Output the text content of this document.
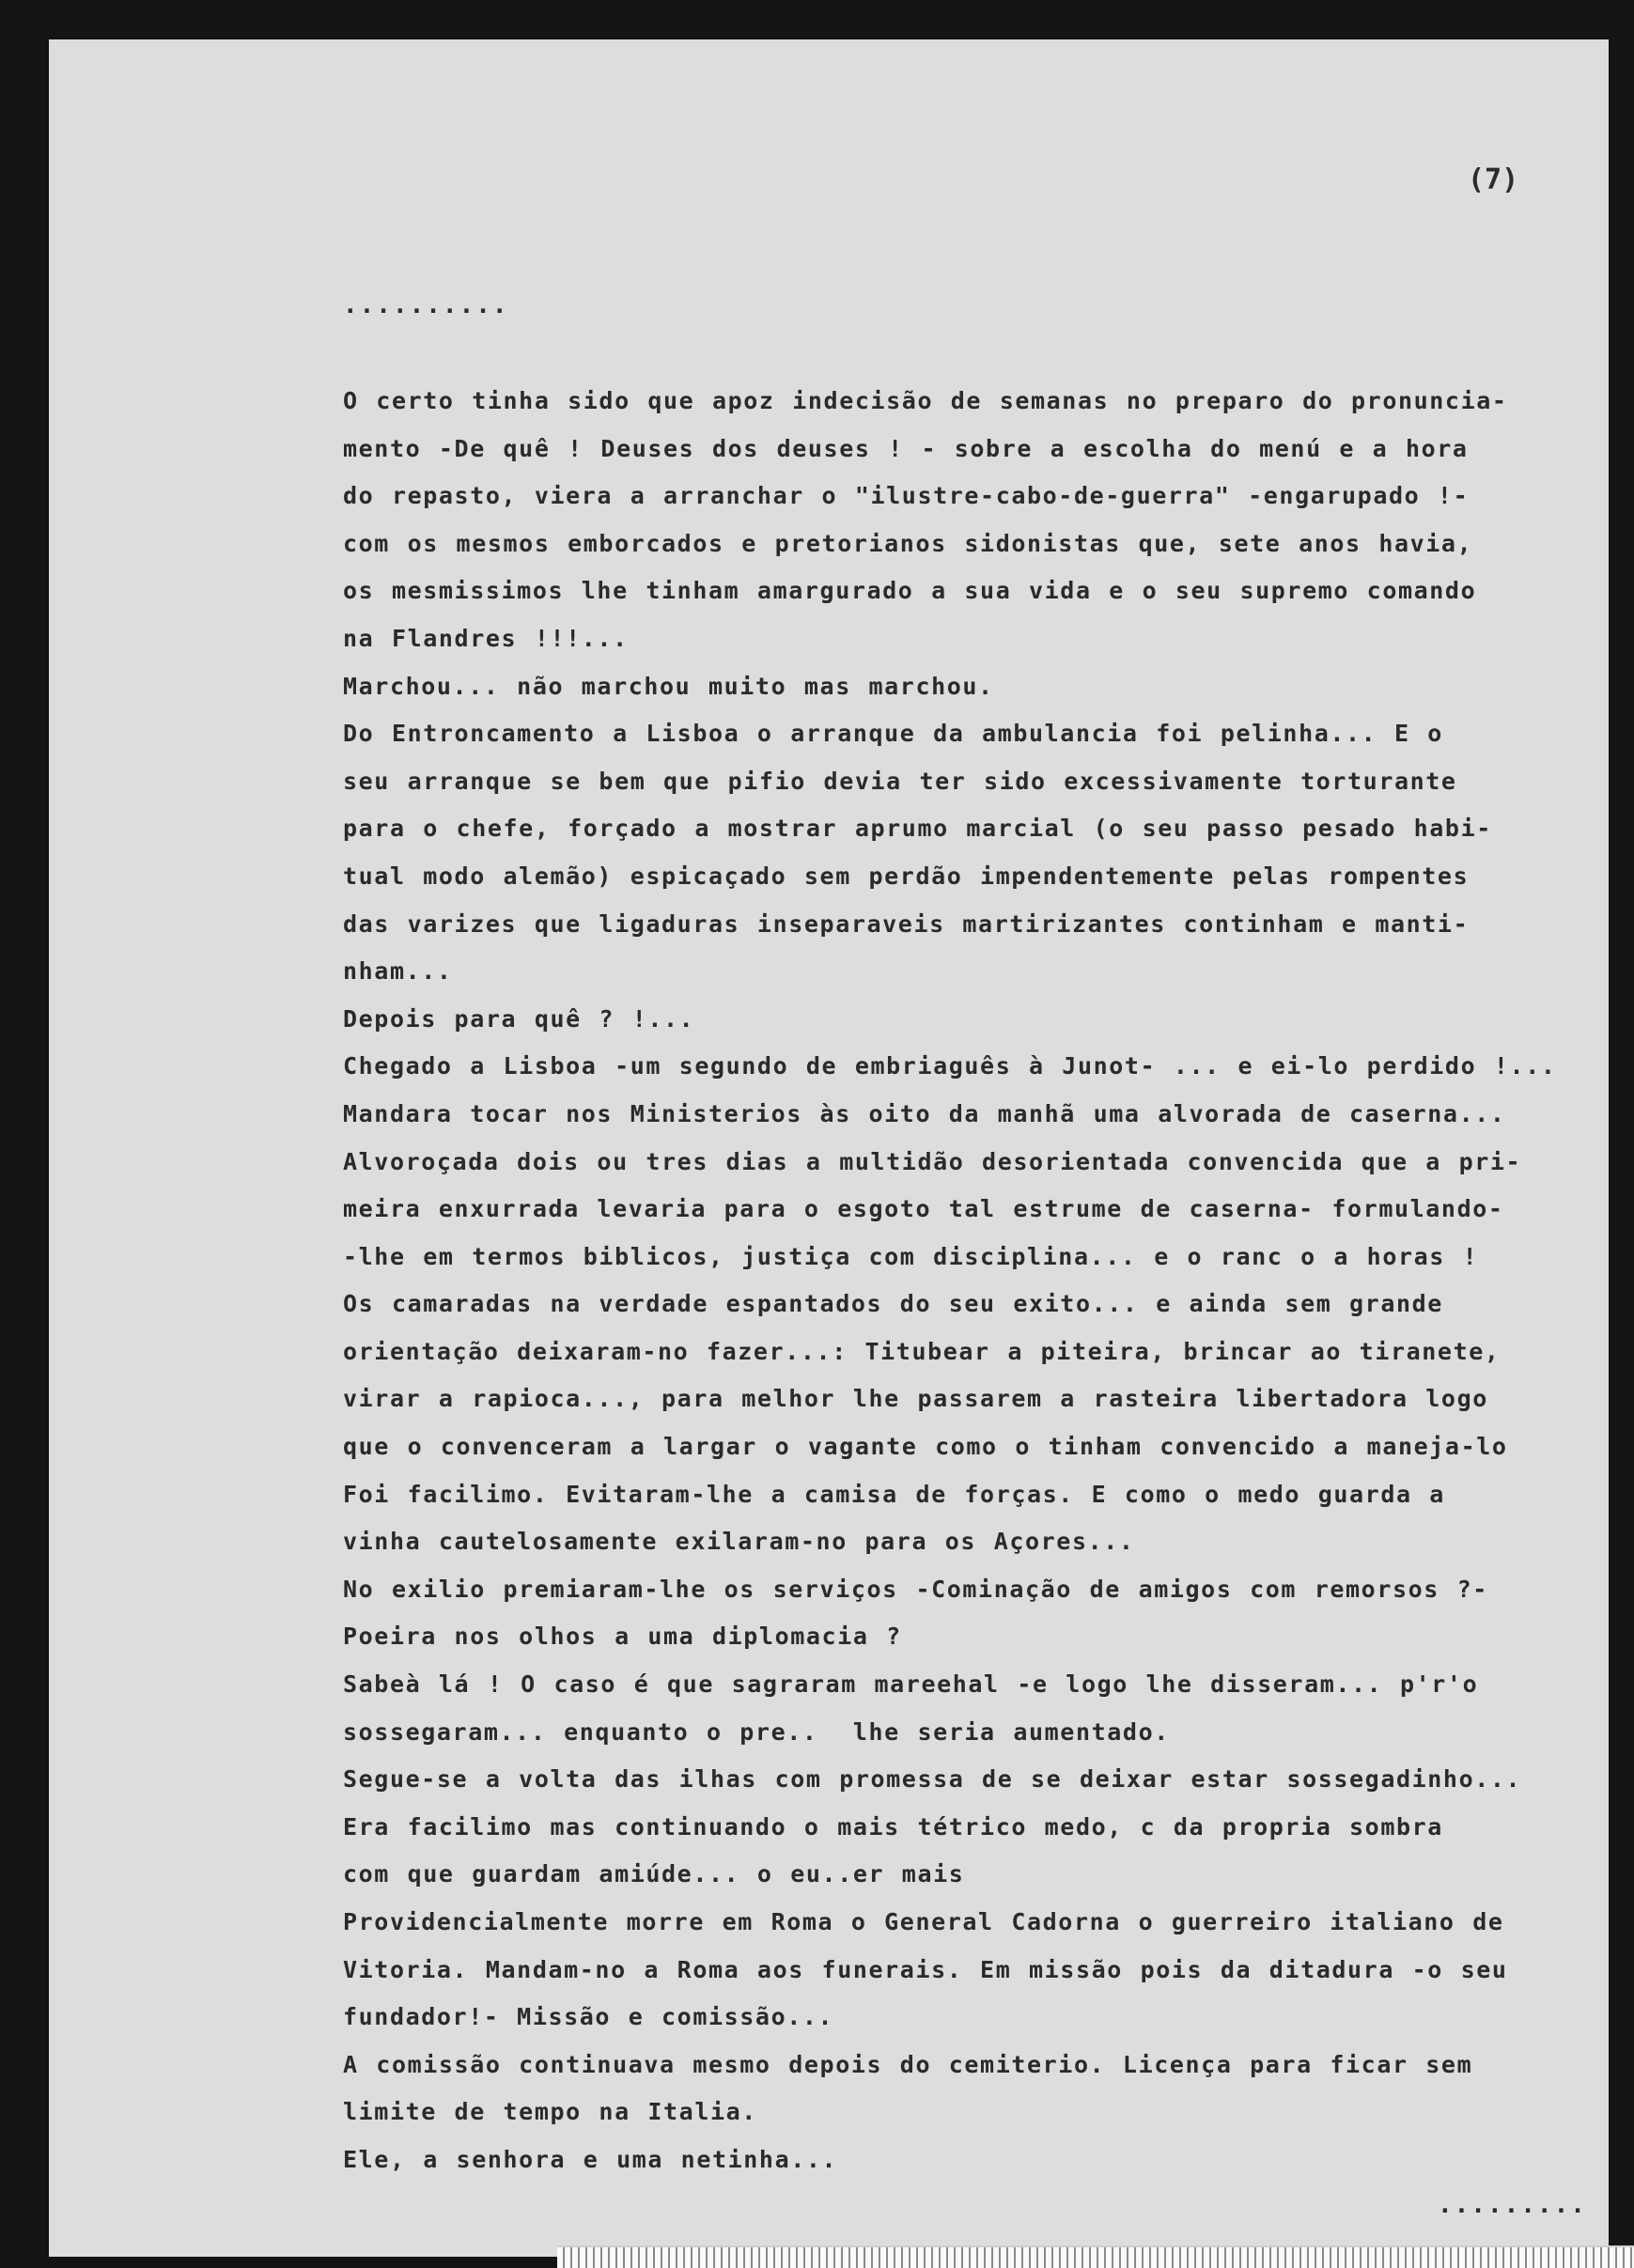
(7)
..........
O certo tinha sido que apoz indecisão de semanas no preparo do pronuncia-
mento -De quê ! Deuses dos deuses ! - sobre a escolha do menú e a hora
do repasto, viera a arranchar o "ilustre-cabo-de-guerra" -engarupado !-
com os mesmos emborcados e pretorianos sidonistas que, sete anos havia,
os mesmissimos lhe tinham amargurado a sua vida e o seu supremo comando
na Flandres !!!...
Marchou... não marchou muito mas marchou.
Do Entroncamento a Lisboa o arranque da ambulancia foi pelinha... E o
seu arranque se bem que pifio devia ter sido excessivamente torturante
para o chefe, forçado a mostrar aprumo marcial (o seu passo pesado habi-
tual modo alemão) espicaçado sem perdão impendentemente pelas rompentes
das varizes que ligaduras inseparaveis martirizantes continham e manti-
nham...
Depois para quê ? !...
Chegado a Lisboa -um segundo de embriaguês à Junot- ... e ei-lo perdido !...
Mandara tocar nos Ministerios às oito da manhã uma alvorada de caserna...
Alvoroçada dois ou tres dias a multidão desorientada convencida que a pri-
meira enxurrada levaria para o esgoto tal estrume de caserna- formulando-
-lhe em termos biblicos, justiça com disciplina... e o ranc o a horas !
Os camaradas na verdade espantados do seu exito... e ainda sem grande
orientação deixaram-no fazer...: Titubear a piteira, brincar ao tiranete,
virar a rapioca..., para melhor lhe passarem a rasteira libertadora logo
que o convenceram a largar o vagante como o tinham convencido a maneja-lo
Foi facilimo. Evitaram-lhe a camisa de forças. E como o medo guarda a
vinha cautelosamente exilaram-no para os Açores...
No exilio premiaram-lhe os serviços -Cominação de amigos com remorsos ?-
Poeira nos olhos a uma diplomacia ?
Sabeà lá ! O caso é que sagraram mareehal -e logo lhe disseram... p'r'o
sossegaram... enquanto o pre..  lhe seria aumentado.
Segue-se a volta das ilhas com promessa de se deixar estar sossegadinho...
Era facilimo mas continuando o mais tétrico medo, c da propria sombra
com que guardam amiúde... o eu..er mais
Providencialmente morre em Roma o General Cadorna o guerreiro italiano de
Vitoria. Mandam-no a Roma aos funerais. Em missão pois da ditadura -o seu
fundador!- Missão e comissão...
A comissão continuava mesmo depois do cemiterio. Licença para ficar sem
limite de tempo na Italia.
Ele, a senhora e uma netinha...
.........
